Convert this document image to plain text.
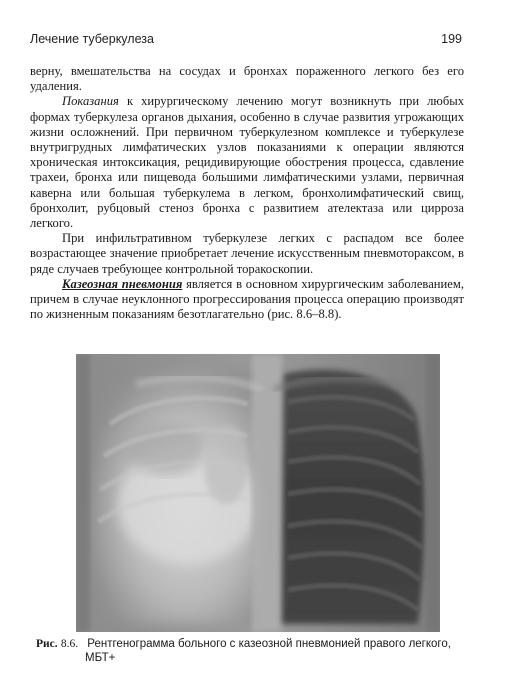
Лечение туберкулеза	199

верну, вмешательства на сосудах и бронхах пораженного легкого без его удаления.

Показания к хирургическому лечению могут возникнуть при любых формах туберкулеза органов дыхания, особенно в случае развития угрожающих жизни осложнений. При первичном туберкулезном комплексе и туберкулезе внутригрудных лимфатических узлов показаниями к операции являются хроническая интоксикация, рецидивирующие обострения процесса, сдавление трахеи, бронха или пищевода большими лимфатическими узлами, первичная каверна или большая туберкулема в легком, бронхолимфатический свищ, бронхолит, рубцовый стеноз бронха с развитием ателектаза или цирроза легкого.

При инфильтративном туберкулезе легких с распадом все более возрастающее значение приобретает лечение искусственным пневмотораксом, в ряде случаев требующее контрольной торакоскопии.

Казеозная пневмония является в основном хирургическим заболеванием, причем в случае неуклонного прогрессирования процесса операцию производят по жизненным показаниям безотлагательно (рис. 8.6–8.8).

Рис. 8.6. Рентгенограмма больного с казеозной пневмонией правого легкого,
МБТ+
